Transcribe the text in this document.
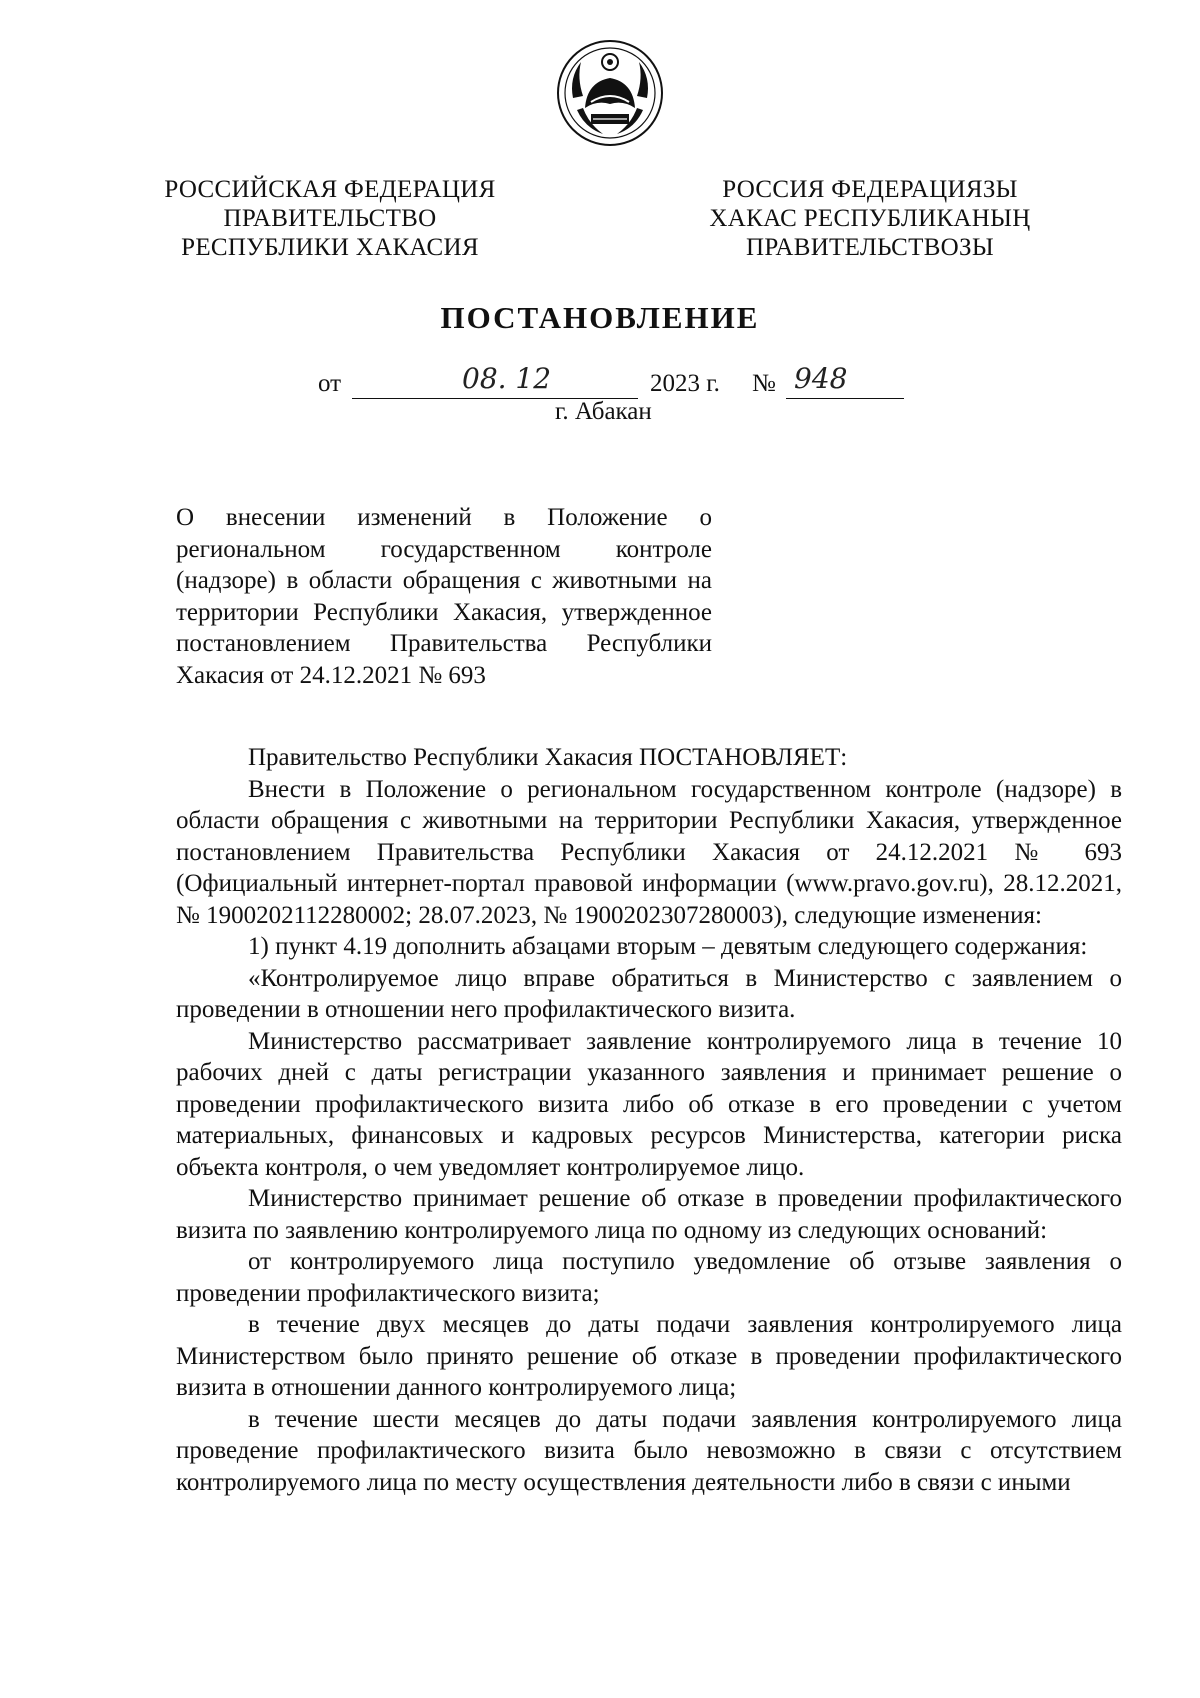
РОССИЙСКАЯ ФЕДЕРАЦИЯ
ПРАВИТЕЛЬСТВО
РЕСПУБЛИКИ ХАКАСИЯ
РОССИЯ ФЕДЕРАЦИЯЗЫ
ХАКАС РЕСПУБЛИКАНЫҢ
ПРАВИТЕЛЬСТВОЗЫ
ПОСТАНОВЛЕНИЕ
от	08. 12	2023 г. № 948
г. Абакан
О внесении изменений в Положение о региональном государственном контроле (надзоре) в области обращения с животными на территории Республики Хакасия, утвержденное постановлением Правительства Республики Хакасия от 24.12.2021 № 693

Правительство Республики Хакасия ПОСТАНОВЛЯЕТ:

Внести в Положение о региональном государственном контроле (надзоре) в области обращения с животными на территории Республики Хакасия, утвержденное постановлением Правительства Республики Хакасия от 24.12.2021 № 693 (Официальный интернет-портал правовой информации (www.pravo.gov.ru), 28.12.2021, № 1900202112280002; 28.07.2023, № 1900202307280003), следующие изменения:

1) пункт 4.19 дополнить абзацами вторым – девятым следующего содержания:

«Контролируемое лицо вправе обратиться в Министерство с заявлением о проведении в отношении него профилактического визита.

Министерство рассматривает заявление контролируемого лица в течение 10 рабочих дней с даты регистрации указанного заявления и принимает решение о проведении профилактического визита либо об отказе в его проведении с учетом материальных, финансовых и кадровых ресурсов Министерства, категории риска объекта контроля, о чем уведомляет контролируемое лицо.

Министерство принимает решение об отказе в проведении профилактического визита по заявлению контролируемого лица по одному из следующих оснований:

от контролируемого лица поступило уведомление об отзыве заявления о проведении профилактического визита;

в течение двух месяцев до даты подачи заявления контролируемого лица Министерством было принято решение об отказе в проведении профилактического визита в отношении данного контролируемого лица;

в течение шести месяцев до даты подачи заявления контролируемого лица проведение профилактического визита было невозможно в связи с отсутствием контролируемого лица по месту осуществления деятельности либо в связи с иными
